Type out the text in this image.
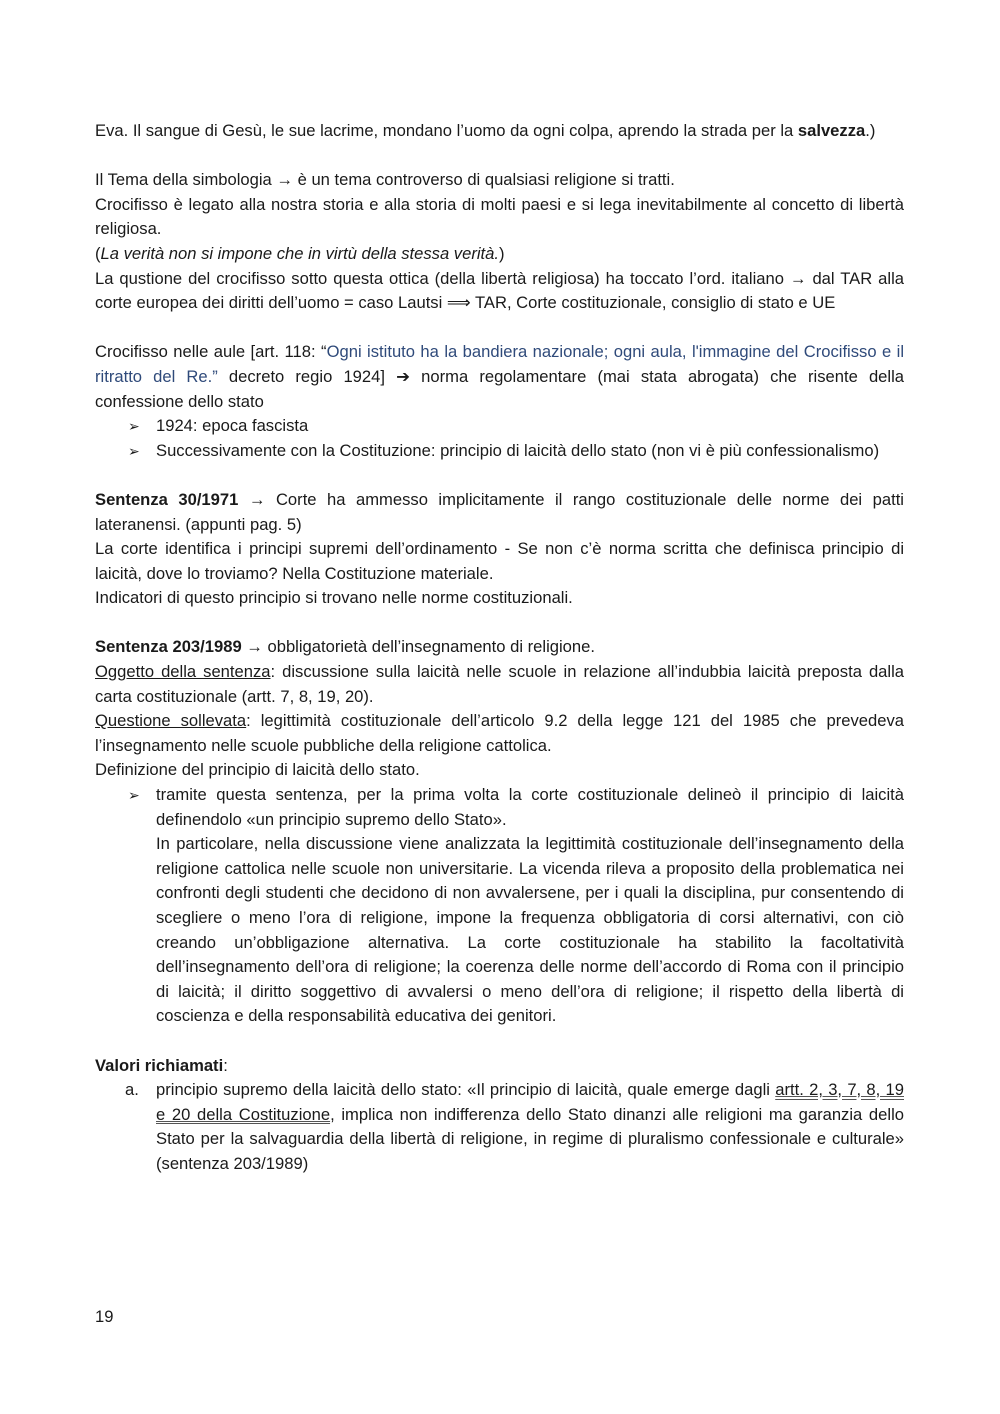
Eva. Il sangue di Gesù, le sue lacrime, mondano l’uomo da ogni colpa, aprendo la strada per la salvezza.)

Il Tema della simbologia → è un tema controverso di qualsiasi religione si tratti.

Crocifisso è legato alla nostra storia e alla storia di molti paesi e si lega inevitabilmente al concetto di libertà religiosa.

(La verità non si impone che in virtù della stessa verità.)

La qustione del crocifisso sotto questa ottica (della libertà religiosa) ha toccato l’ord. italiano → dal TAR alla corte europea dei diritti dell’uomo = caso Lautsi ⟹ TAR, Corte costituzionale, consiglio di stato e UE

Crocifisso nelle aule [art. 118: “Ogni istituto ha la bandiera nazionale; ogni aula, l'immagine del Crocifisso e il ritratto del Re.” decreto regio 1924] ➔ norma regolamentare (mai stata abrogata) che risente della confessione dello stato

➢ 1924: epoca fascista
➢ Successivamente con la Costituzione: principio di laicità dello stato (non vi è più confessionalismo)

Sentenza 30/1971 → Corte ha ammesso implicitamente il rango costituzionale delle norme dei patti lateranensi. (appunti pag. 5)

La corte identifica i principi supremi dell’ordinamento - Se non c’è norma scritta che definisca principio di laicità, dove lo troviamo? Nella Costituzione materiale.

Indicatori di questo principio si trovano nelle norme costituzionali.

Sentenza 203/1989 → obbligatorietà dell’insegnamento di religione.

Oggetto della sentenza: discussione sulla laicità nelle scuole in relazione all’indubbia laicità preposta dalla carta costituzionale (artt. 7, 8, 19, 20).

Questione sollevata: legittimità costituzionale dell’articolo 9.2 della legge 121 del 1985 che prevedeva l’insegnamento nelle scuole pubbliche della religione cattolica.

Definizione del principio di laicità dello stato.

➢ tramite questa sentenza, per la prima volta la corte costituzionale delineò il principio di laicità definendolo «un principio supremo dello Stato».

In particolare, nella discussione viene analizzata la legittimità costituzionale dell’insegnamento della religione cattolica nelle scuole non universitarie. La vicenda rileva a proposito della problematica nei confronti degli studenti che decidono di non avvalersene, per i quali la disciplina, pur consentendo di scegliere o meno l’ora di religione, impone la frequenza obbligatoria di corsi alternativi, con ciò creando un’obbligazione alternativa. La corte costituzionale ha stabilito la facoltatività dell’insegnamento dell’ora di religione; la coerenza delle norme dell’accordo di Roma con il principio di laicità; il diritto soggettivo di avvalersi o meno dell’ora di religione; il rispetto della libertà di coscienza e della responsabilità educativa dei genitori.

Valori richiamati:

a. principio supremo della laicità dello stato: «Il principio di laicità, quale emerge dagli artt. 2, 3, 7, 8, 19 e 20 della Costituzione, implica non indifferenza dello Stato dinanzi alle religioni ma garanzia dello Stato per la salvaguardia della libertà di religione, in regime di pluralismo confessionale e culturale» (sentenza 203/1989)
19
